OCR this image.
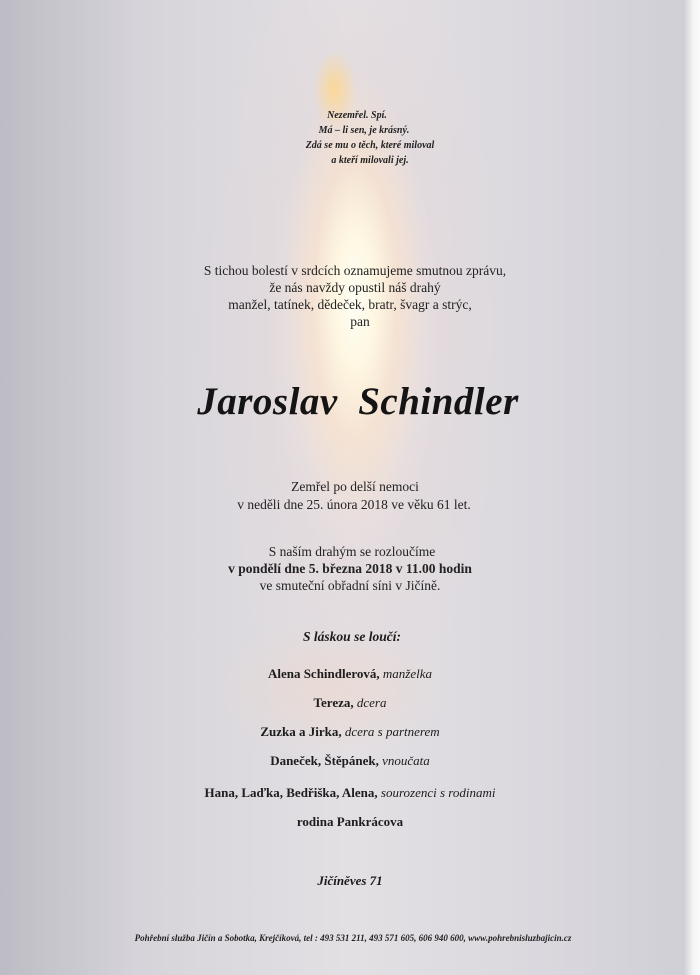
Nezemřel. Spí.
Má – li sen, je krásný.
Zdá se mu o těch, které miloval
a kteří milovali jej.
S tichou bolestí v srdcích oznamujeme smutnou zprávu,
že nás navždy opustil náš drahý
manžel, tatínek, dědeček, bratr, švagr a strýc,
pan
Jaroslav  Schindler
Zemřel po delší nemoci
v neděli dne 25. února 2018 ve věku 61 let.
S naším drahým se rozloučíme
v pondělí dne 5. března 2018 v 11.00 hodin
ve smuteční obřadní síni v Jičíně.
S láskou se loučí:
Alena Schindlerová, manželka
Tereza, dcera
Zuzka a Jirka, dcera s partnerem
Daneček, Štěpánek, vnoučata
Hana, Laďka, Bedřiška, Alena, sourozenci s rodinami
rodina Pankrácova
Jičíněves 71
Pohřební služba Jičín a Sobotka, Krejčíková, tel : 493 531 211, 493 571 605, 606 940 600, www.pohrebnisluzbajicin.cz
